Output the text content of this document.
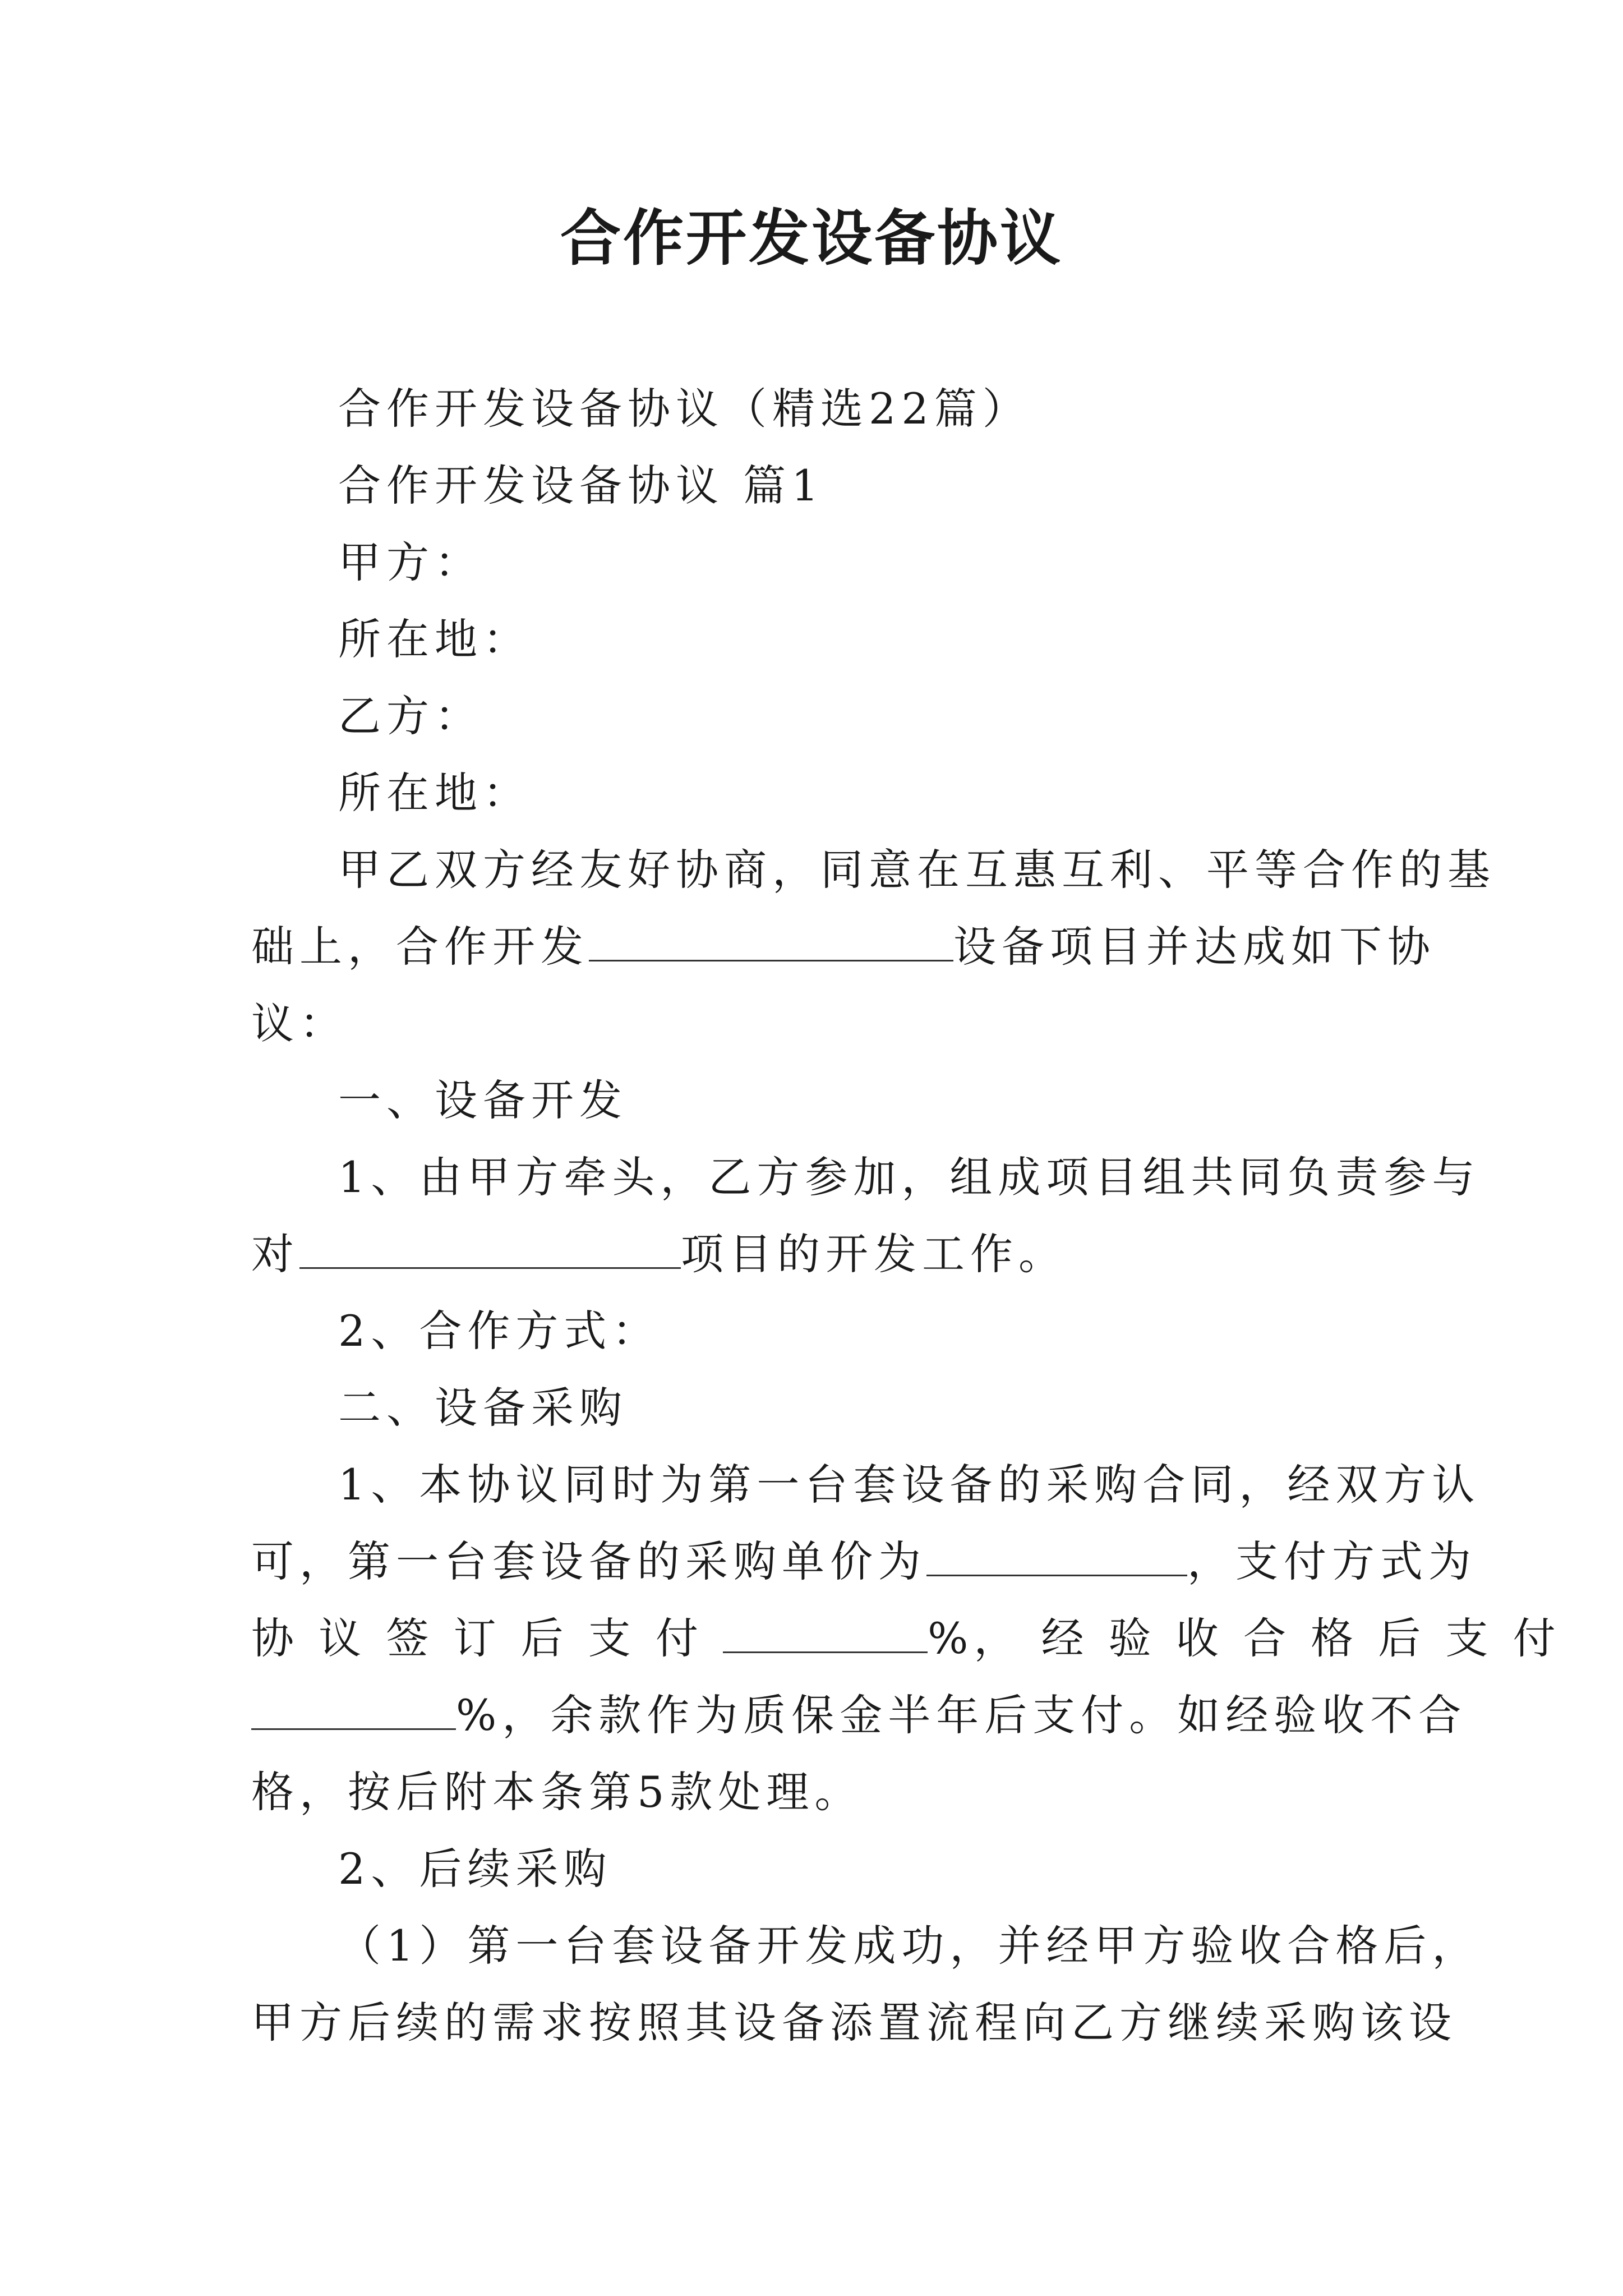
合作开发设备协议
合作开发设备协议（精选22篇）
合作开发设备协议 篇1
甲方：
所在地：
乙方：
所在地：
甲乙双方经友好协商，同意在互惠互利、平等合作的基
础上，合作开发	设备项目并达成如下协
议：
一、设备开发
1、由甲方牵头，乙方参加，组成项目组共同负责参与
对	项目的开发工作。
2、合作方式：
二、设备采购
1、本协议同时为第一台套设备的采购合同，经双方认
可，第一台套设备的采购单价为	，支付方式为
协 议 签 订 后 支 付	%， 经 验 收 合 格 后 支 付
%，余款作为质保金半年后支付。如经验收不合
格，按后附本条第5款处理。
2、后续采购
（1）第一台套设备开发成功，并经甲方验收合格后，
甲方后续的需求按照其设备添置流程向乙方继续采购该设
